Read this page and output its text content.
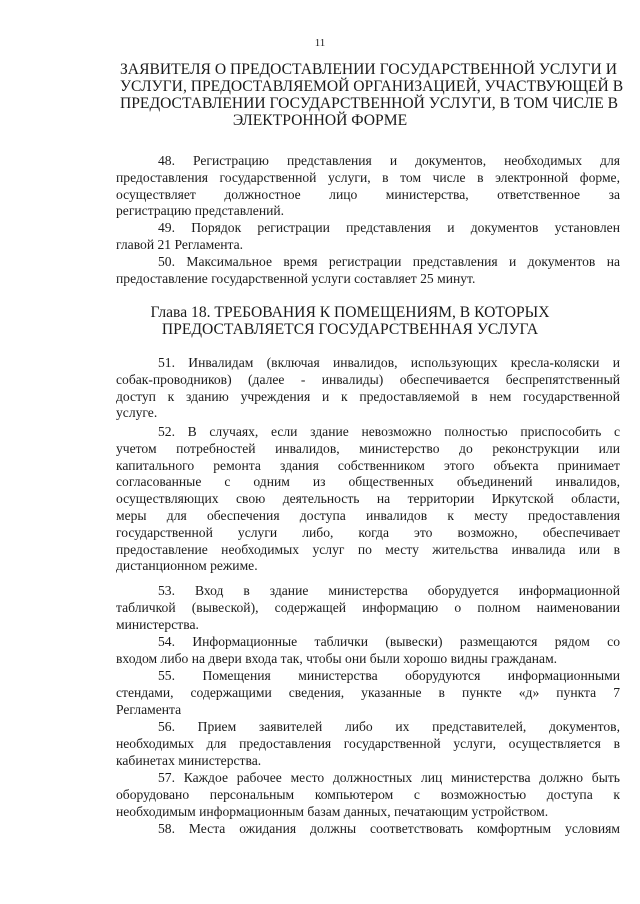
11
ЗАЯВИТЕЛЯ О ПРЕДОСТАВЛЕНИИ ГОСУДАРСТВЕННОЙ УСЛУГИ И
УСЛУГИ, ПРЕДОСТАВЛЯЕМОЙ ОРГАНИЗАЦИЕЙ, УЧАСТВУЮЩЕЙ В
ПРЕДОСТАВЛЕНИИ ГОСУДАРСТВЕННОЙ УСЛУГИ, В ТОМ ЧИСЛЕ В
ЭЛЕКТРОННОЙ ФОРМЕ
Глава 18. ТРЕБОВАНИЯ К ПОМЕЩЕНИЯМ, В КОТОРЫХ
ПРЕДОСТАВЛЯЕТСЯ ГОСУДАРСТВЕННАЯ УСЛУГА
48. Регистрацию представления и документов, необходимых для
предоставления государственной услуги, в том числе в электронной форме,
осуществляет должностное лицо министерства, ответственное за
регистрацию представлений.
49. Порядок регистрации представления и документов установлен
главой 21 Регламента.
50. Максимальное время регистрации представления и документов на
предоставление государственной услуги составляет 25 минут.
51. Инвалидам (включая инвалидов, использующих кресла-коляски и
собак-проводников) (далее - инвалиды) обеспечивается беспрепятственный
доступ к зданию учреждения и к предоставляемой в нем государственной
услуге.
52. В случаях, если здание невозможно полностью приспособить с
учетом потребностей инвалидов, министерство до реконструкции или
капитального ремонта здания собственником этого объекта принимает
согласованные с одним из общественных объединений инвалидов,
осуществляющих свою деятельность на территории Иркутской области,
меры для обеспечения доступа инвалидов к месту предоставления
государственной услуги либо, когда это возможно, обеспечивает
предоставление необходимых услуг по месту жительства инвалида или в
дистанционном режиме.
53. Вход в здание министерства оборудуется информационной
табличкой (вывеской), содержащей информацию о полном наименовании
министерства.
54. Информационные таблички (вывески) размещаются рядом со
входом либо на двери входа так, чтобы они были хорошо видны гражданам.
55. Помещения министерства оборудуются информационными
стендами, содержащими сведения, указанные в пункте «д» пункта 7
Регламента
56. Прием заявителей либо их представителей, документов,
необходимых для предоставления государственной услуги, осуществляется в
кабинетах министерства.
57. Каждое рабочее место должностных лиц министерства должно быть
оборудовано персональным компьютером с возможностью доступа к
необходимым информационным базам данных, печатающим устройством.
58. Места ожидания должны соответствовать комфортным условиям
